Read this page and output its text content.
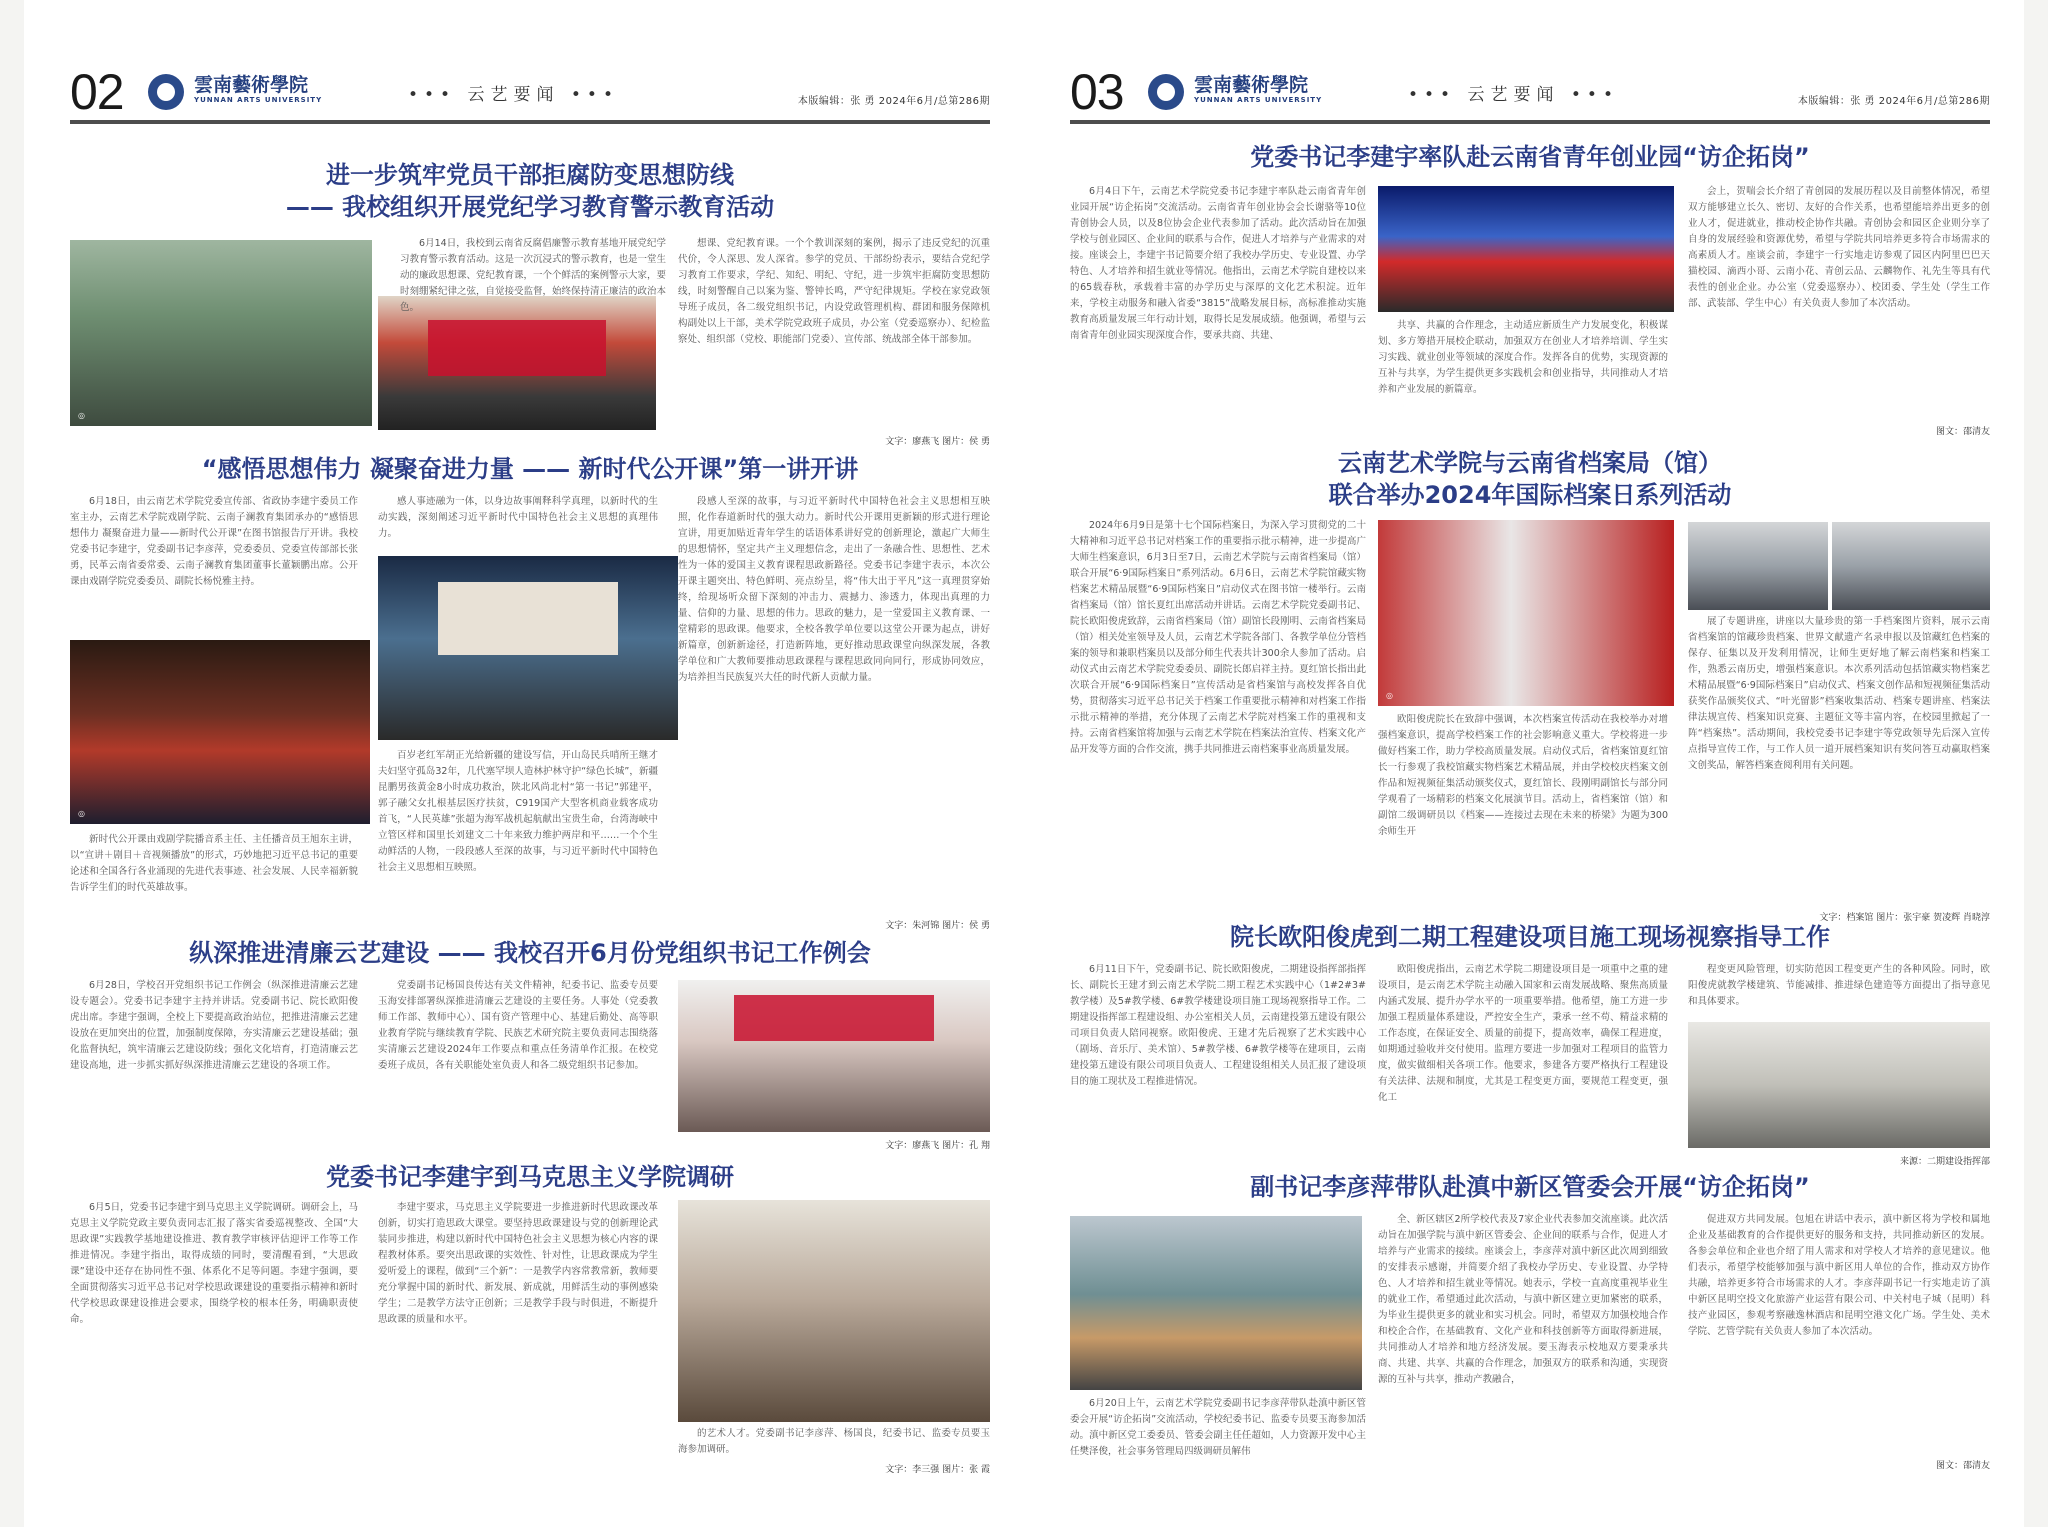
02	雲南藝術學院
YUNNAN ARTS UNIVERSITY	••• 云艺要闻 •••	本版编辑：张 勇 2024年6月/总第286期
进一步筑牢党员干部拒腐防变思想防线
—— 我校组织开展党纪学习教育警示教育活动
◎

6月14日，我校到云南省反腐倡廉警示教育基地开展党纪学习教育警示教育活动。这是一次沉浸式的警示教育，也是一堂生动的廉政思想课、党纪教育课，一个个鲜活的案例警示大家，要时刻绷紧纪律之弦，自觉接受监督，始终保持清正廉洁的政治本色。

想课、党纪教育课。一个个教训深刻的案例，揭示了违反党纪的沉重代价，令人深思、发人深省。参学的党员、干部纷纷表示，要结合党纪学习教育工作要求，学纪、知纪、明纪、守纪，进一步筑牢拒腐防变思想防线，时刻警醒自己以案为鉴、警钟长鸣，严守纪律规矩。学校在家党政领导班子成员，各二级党组织书记，内设党政管理机构、群团和服务保障机构副处以上干部，美术学院党政班子成员，办公室（党委巡察办）、纪检监察处、组织部（党校、职能部门党委）、宣传部、统战部全体干部参加。

文字：廖燕飞 图片：侯 勇
“感悟思想伟力 凝聚奋进力量 —— 新时代公开课”第一讲开讲

6月18日，由云南艺术学院党委宣传部、省政协李建宇委员工作室主办，云南艺术学院戏剧学院、云南子澜教育集团承办的“感悟思想伟力 凝聚奋进力量——新时代公开课”在图书馆报告厅开讲。我校党委书记李建宇，党委副书记李彦萍，党委委员、党委宣传部部长张勇，民革云南省委常委、云南子澜教育集团董事长董颖鹏出席。公开课由戏剧学院党委委员、副院长杨悦雅主持。

◎

新时代公开课由戏剧学院播音系主任、主任播音员王旭东主讲，以“宣讲＋剧目＋音视频播放”的形式，巧妙地把习近平总书记的重要论述和全国各行各业涌现的先进代表事迹、社会发展、人民幸福新貌告诉学生们的时代英雄故事。

感人事迹融为一体，以身边故事阐释科学真理，以新时代的生动实践，深刻阐述习近平新时代中国特色社会主义思想的真理伟力。

百岁老红军胡正光给新疆的建设写信，开山岛民兵哨所王继才夫妇坚守孤岛32年，几代塞罕坝人造林护林守护“绿色长城”，新疆昆鹏男孩黄金8小时成功救治，陕北风尚北村“第一书记”郭建平，郭子融父女扎根基层医疗扶贫，C919国产大型客机商业载客成功首飞，“人民英雄”张超为海军战机起航献出宝贵生命，台湾海峡中立管区样和国里长刘建文二十年来致力维护两岸和平……一个个生动鲜活的人物，一段段感人至深的故事，与习近平新时代中国特色社会主义思想相互映照。

段感人至深的故事，与习近平新时代中国特色社会主义思想相互映照，化作春道新时代的强大动力。新时代公开课用更新颖的形式进行理论宣讲，用更加贴近青年学生的话语体系讲好党的创新理论，激起广大师生的思想情怀，坚定共产主义理想信念，走出了一条融合性、思想性、艺术性为一体的爱国主义教育课程思政新路径。党委书记李建宇表示，本次公开课主题突出、特色鲜明、亮点纷呈，将“伟大出于平凡”这一真理贯穿始终，给现场听众留下深刻的冲击力、震撼力、渗透力，体现出真理的力量、信仰的力量、思想的伟力。思政的魅力，是一堂爱国主义教育课、一堂精彩的思政课。他要求，全校各教学单位要以这堂公开课为起点，讲好新篇章，创新新途径，打造新阵地，更好推动思政课堂向纵深发展，各教学单位和广大教师要推动思政课程与课程思政同向同行，形成协同效应，为培养担当民族复兴大任的时代新人贡献力量。

文字：朱河锦 图片：侯 勇
纵深推进清廉云艺建设 —— 我校召开6月份党组织书记工作例会

6月28日，学校召开党组织书记工作例会（纵深推进清廉云艺建设专题会）。党委书记李建宇主持并讲话。党委副书记、院长欧阳俊虎出席。李建宇强调，全校上下要提高政治站位，把推进清廉云艺建设放在更加突出的位置，加强制度保障，夯实清廉云艺建设基础；强化监督执纪，筑牢清廉云艺建设防线；强化文化培育，打造清廉云艺建设高地，进一步抓实抓好纵深推进清廉云艺建设的各项工作。

党委副书记杨国良传达有关文件精神，纪委书记、监委专员要玉海安排部署纵深推进清廉云艺建设的主要任务。人事处（党委教师工作部、教师中心）、国有资产管理中心、基建后勤处、高等职业教育学院与继续教育学院、民族艺术研究院主要负责同志围绕落实清廉云艺建设2024年工作要点和重点任务清单作汇报。在校党委班子成员，各有关职能处室负责人和各二级党组织书记参加。

文字：廖燕飞 图片：孔 翔
党委书记李建宇到马克思主义学院调研

6月5日，党委书记李建宇到马克思主义学院调研。调研会上，马克思主义学院党政主要负责同志汇报了落实省委巡视整改、全国“大思政课”实践教学基地建设推进、教育教学审核评估迎评工作等工作推进情况。李建宇指出，取得成绩的同时，要清醒看到，“大思政课”建设中还存在协同性不强、体系化不足等问题。李建宇强调，要全面贯彻落实习近平总书记对学校思政课建设的重要指示精神和新时代学校思政课建设推进会要求，围绕学校的根本任务，明确职责使命。

李建宇要求，马克思主义学院要进一步推进新时代思政课改革创新，切实打造思政大课堂。要坚持思政课建设与党的创新理论武装同步推进，构建以新时代中国特色社会主义思想为核心内容的课程教材体系。要突出思政课的实效性、针对性，让思政课成为学生爱听爱上的课程，做到“三个新”：一是教学内容常教常新，教师要充分掌握中国的新时代、新发展、新成就，用鲜活生动的事例感染学生；二是教学方法守正创新；三是教学手段与时俱进，不断提升思政课的质量和水平。

的艺术人才。党委副书记李彦萍、杨国良，纪委书记、监委专员要玉海参加调研。

文字：李三强 图片：张 霞
03	雲南藝術學院
YUNNAN ARTS UNIVERSITY	••• 云艺要闻 •••	本版编辑：张 勇 2024年6月/总第286期
党委书记李建宇率队赴云南省青年创业园“访企拓岗”

6月4日下午，云南艺术学院党委书记李建宇率队赴云南省青年创业园开展“访企拓岗”交流活动。云南省青年创业协会会长谢骆等10位青创协会人员，以及8位协会企业代表参加了活动。此次活动旨在加强学校与创业园区、企业间的联系与合作，促进人才培养与产业需求的对接。座谈会上，李建宇书记简要介绍了我校办学历史、专业设置、办学特色、人才培养和招生就业等情况。他指出，云南艺术学院自建校以来的65载春秋，承载着丰富的办学历史与深厚的文化艺术积淀。近年来，学校主动服务和融入省委“3815”战略发展目标，高标准推动实施教育高质量发展三年行动计划，取得长足发展成绩。他强调，希望与云南省青年创业园实现深度合作，要承共商、共建、

共享、共赢的合作理念，主动适应新质生产力发展变化，积极谋划、多方筹措开展校企联动，加强双方在创业人才培养培训、学生实习实践、就业创业等领域的深度合作。发挥各自的优势，实现资源的互补与共享，为学生提供更多实践机会和创业指导，共同推动人才培养和产业发展的新篇章。

会上，贺喘会长介绍了青创园的发展历程以及目前整体情况，希望双方能够建立长久、密切、友好的合作关系，也希望能培养出更多的创业人才，促进就业，推动校企协作共融。青创协会和园区企业则分享了自身的发展经验和资源优势，希望与学院共同培养更多符合市场需求的高素质人才。座谈会前，李建宇一行实地走访参观了园区内阿里巴巴天猫校园、滴西小哥、云南小花、青创云品、云麟物作、礼先生等具有代表性的创业企业。办公室（党委巡察办）、校团委、学生处（学生工作部、武装部、学生中心）有关负责人参加了本次活动。

图文：邵清友
云南艺术学院与云南省档案局（馆）
联合举办2024年国际档案日系列活动

2024年6月9日是第十七个国际档案日，为深入学习贯彻党的二十大精神和习近平总书记对档案工作的重要指示批示精神，进一步提高广大师生档案意识，6月3日至7日，云南艺术学院与云南省档案局（馆）联合开展“6·9国际档案日”系列活动。6月6日，云南艺术学院馆藏实物档案艺术精品展暨“6·9国际档案日”启动仪式在图书馆一楼举行。云南省档案局（馆）馆长夏红出席活动并讲话。云南艺术学院党委副书记、院长欧阳俊虎致辞，云南省档案局（馆）副馆长段刚明、云南省档案局（馆）相关处室领导及人员，云南艺术学院各部门、各教学单位分管档案的领导和兼职档案员以及部分师生代表共计300余人参加了活动。启动仪式由云南艺术学院党委委员、副院长郎启祥主持。夏红馆长指出此次联合开展“6·9国际档案日”宣传活动是省档案馆与高校发挥各自优势，贯彻落实习近平总书记关于档案工作重要批示精神和对档案工作指示批示精神的举措，充分体现了云南艺术学院对档案工作的重视和支持。云南省档案馆将加强与云南艺术学院在档案法治宣传、档案文化产品开发等方面的合作交流，携手共同推进云南档案事业高质量发展。

◎

欧阳俊虎院长在致辞中强调，本次档案宣传活动在我校举办对增强档案意识，提高学校档案工作的社会影响意义重大。学校将进一步做好档案工作，助力学校高质量发展。启动仪式后，省档案馆夏红馆长一行参观了我校馆藏实物档案艺术精品展，并由学校校庆档案文创作品和短视频征集活动颁奖仪式，夏红馆长、段刚明副馆长与部分同学观看了一场精彩的档案文化展演节目。活动上，省档案馆（馆）和副馆二级调研员以《档案——连接过去现在未来的桥梁》为题为300余师生开

展了专题讲座，讲座以大量珍贵的第一手档案图片资料，展示云南省档案馆的馆藏珍贵档案、世界文献遗产名录申报以及馆藏红色档案的保存、征集以及开发利用情况，让师生更好地了解云南档案和档案工作，熟悉云南历史，增强档案意识。本次系列活动包括馆藏实物档案艺术精品展暨“6·9国际档案日”启动仪式、档案文创作品和短视频征集活动获奖作品颁奖仪式、“叶光留影”档案收集活动、档案专题讲座、档案法律法规宣传、档案知识竞赛、主题征文等丰富内容，在校园里掀起了一阵“档案热”。活动期间，我校党委书记李建宇等党政领导先后深入宣传点指导宣传工作，与工作人员一道开展档案知识有奖问答互动赢取档案文创奖品，解答档案查阅利用有关问题。

文字：档案馆 图片：张宇豪 贺凌辉 肖晓淳
院长欧阳俊虎到二期工程建设项目施工现场视察指导工作

6月11日下午，党委副书记、院长欧阳俊虎，二期建设指挥部指挥长、副院长王建才到云南艺术学院二期工程艺术实践中心（1#2#3#教学楼）及5#教学楼、6#教学楼建设项目施工现场视察指导工作。二期建设指挥部工程建设组、办公室相关人员，云南建投第五建设有限公司项目负责人陪同视察。欧阳俊虎、王建才先后视察了艺术实践中心（剧场、音乐厅、美术馆）、5#教学楼、6#教学楼等在建项目，云南建投第五建设有限公司项目负责人、工程建设组相关人员汇报了建设项目的施工现状及工程推进情况。

欧阳俊虎指出，云南艺术学院二期建设项目是一项重中之重的建设项目，是云南艺术学院主动融入国家和云南发展战略、聚焦高质量内涵式发展、提升办学水平的一项重要举措。他希望，施工方进一步加强工程质量体系建设，严控安全生产，秉承一丝不苟、精益求精的工作态度，在保证安全、质量的前提下，提高效率，确保工程进度，如期通过验收并交付使用。监理方要进一步加强对工程项目的监管力度，做实做细相关各项工作。他要求，参建各方要严格执行工程建设有关法律、法规和制度，尤其是工程变更方面，要规范工程变更，强化工

程变更风险管理，切实防范因工程变更产生的各种风险。同时，欧阳俊虎就教学楼建筑、节能减排、推进绿色建造等方面提出了指导意见和具体要求。

来源：二期建设指挥部
副书记李彦萍带队赴滇中新区管委会开展“访企拓岗”

6月20日上午，云南艺术学院党委副书记李彦萍带队赴滇中新区管委会开展“访企拓岗”交流活动，学校纪委书记、监委专员要玉海参加活动。滇中新区党工委委员、管委会副主任任超如，人力资源开发中心主任樊泽俊，社会事务管理局四级调研员解伟

全、新区辖区2所学校代表及7家企业代表参加交流座谈。此次活动旨在加强学院与滇中新区管委会、企业间的联系与合作，促进人才培养与产业需求的接续。座谈会上，李彦萍对滇中新区此次周到细致的安排表示感谢，并简要介绍了我校办学历史、专业设置、办学特色、人才培养和招生就业等情况。她表示，学校一直高度重视毕业生的就业工作，希望通过此次活动，与滇中新区建立更加紧密的联系，为毕业生提供更多的就业和实习机会。同时，希望双方加强校地合作和校企合作，在基础教育、文化产业和科技创新等方面取得新进展，共同推动人才培养和地方经济发展。要玉海表示校地双方要秉承共商、共建、共享、共赢的合作理念，加强双方的联系和沟通，实现资源的互补与共享，推动产教融合，

促进双方共同发展。包旭在讲话中表示，滇中新区将为学校和属地企业及基础教育的合作提供更好的服务和支持，共同推动新区的发展。各参会单位和企业也介绍了用人需求和对学校人才培养的意见建议。他们表示，希望学校能够加强与滇中新区用人单位的合作，推动双方协作共融，培养更多符合市场需求的人才。李彦萍副书记一行实地走访了滇中新区昆明空投文化旅游产业运营有限公司、中关村电子城（昆明）科技产业园区，参观考察融逸林酒店和昆明空港文化广场。学生处、美术学院、艺管学院有关负责人参加了本次活动。

图文：邵清友
